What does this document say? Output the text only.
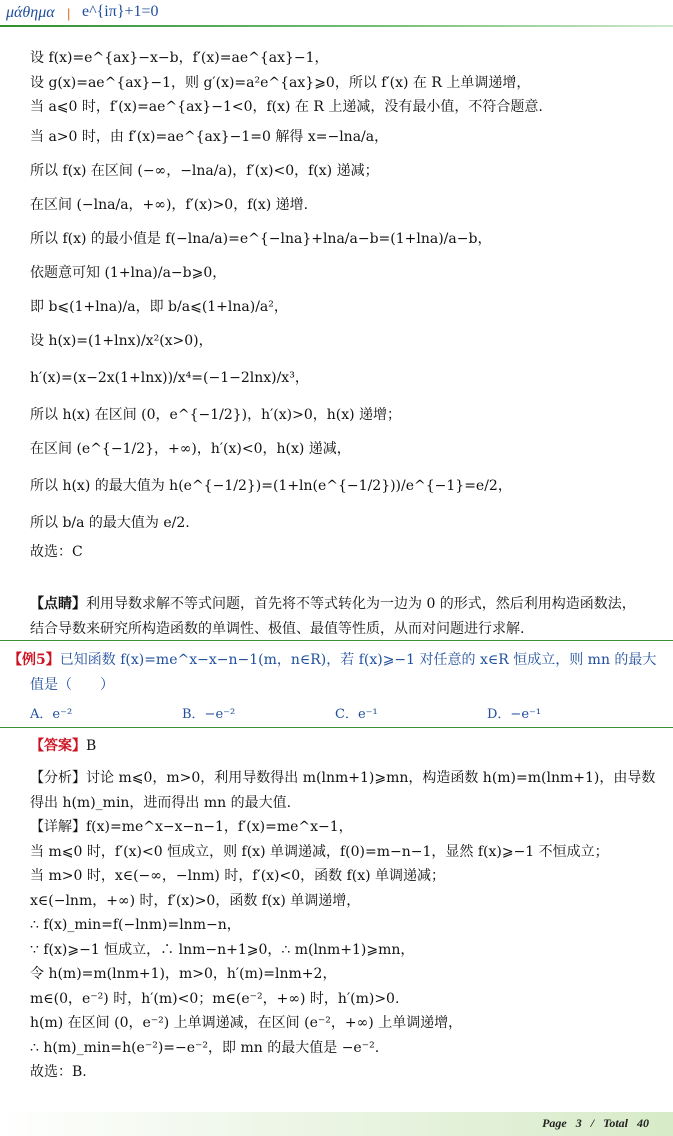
μάθημα | e^{iπ}+1=0
设 f(x)=e^{ax}−x−b，f′(x)=ae^{ax}−1，
设 g(x)=ae^{ax}−1，则 g′(x)=a²e^{ax}⩾0，所以 f′(x) 在 R 上单调递增，
当 a⩽0 时，f′(x)=ae^{ax}−1<0，f(x) 在 R 上递减，没有最小值，不符合题意.
当 a>0 时，由 f′(x)=ae^{ax}−1=0 解得 x=−lna/a，
所以 f(x) 在区间 (−∞，−lna/a)，f′(x)<0，f(x) 递减；
在区间 (−lna/a，+∞)，f′(x)>0，f(x) 递增.
所以 f(x) 的最小值是 f(−lna/a)=e^{−lna}+lna/a−b=(1+lna)/a−b，
依题意可知 (1+lna)/a−b⩾0，
即 b⩽(1+lna)/a，即 b/a⩽(1+lna)/a²，
设 h(x)=(1+lnx)/x²(x>0)，
h′(x)=(x−2x(1+lnx))/x⁴=(−1−2lnx)/x³，
所以 h(x) 在区间 (0，e^{−1/2})，h′(x)>0，h(x) 递增；
在区间 (e^{−1/2}，+∞)，h′(x)<0，h(x) 递减，
所以 h(x) 的最大值为 h(e^{−1/2})=(1+ln(e^{−1/2}))/e^{−1}=e/2，
所以 b/a 的最大值为 e/2.
故选：C
【点睛】利用导数求解不等式问题，首先将不等式转化为一边为 0 的形式，然后利用构造函数法，
结合导数来研究所构造函数的单调性、极值、最值等性质，从而对问题进行求解.
【例5】已知函数 f(x)=me^x−x−n−1(m，n∈R)，若 f(x)⩾−1 对任意的 x∈R 恒成立，则 mn 的最大
值是（　　）
A．e⁻²	B．−e⁻²	C．e⁻¹	D．−e⁻¹
【答案】B
【分析】讨论 m⩽0，m>0，利用导数得出 m(lnm+1)⩾mn，构造函数 h(m)=m(lnm+1)，由导数
得出 h(m)_min，进而得出 mn 的最大值.
【详解】f(x)=me^x−x−n−1，f′(x)=me^x−1，
当 m⩽0 时，f′(x)<0 恒成立，则 f(x) 单调递减，f(0)=m−n−1，显然 f(x)⩾−1 不恒成立；
当 m>0 时，x∈(−∞，−lnm) 时，f′(x)<0，函数 f(x) 单调递减；
x∈(−lnm，+∞) 时，f′(x)>0，函数 f(x) 单调递增，
∴ f(x)_min=f(−lnm)=lnm−n，
∵ f(x)⩾−1 恒成立，∴ lnm−n+1⩾0，∴ m(lnm+1)⩾mn，
令 h(m)=m(lnm+1)，m>0，h′(m)=lnm+2，
m∈(0，e⁻²) 时，h′(m)<0；m∈(e⁻²，+∞) 时，h′(m)>0.
h(m) 在区间 (0，e⁻²) 上单调递减，在区间 (e⁻²，+∞) 上单调递增，
∴ h(m)_min=h(e⁻²)=−e⁻²，即 mn 的最大值是 −e⁻².
故选：B.
Page 3 / Total 40
